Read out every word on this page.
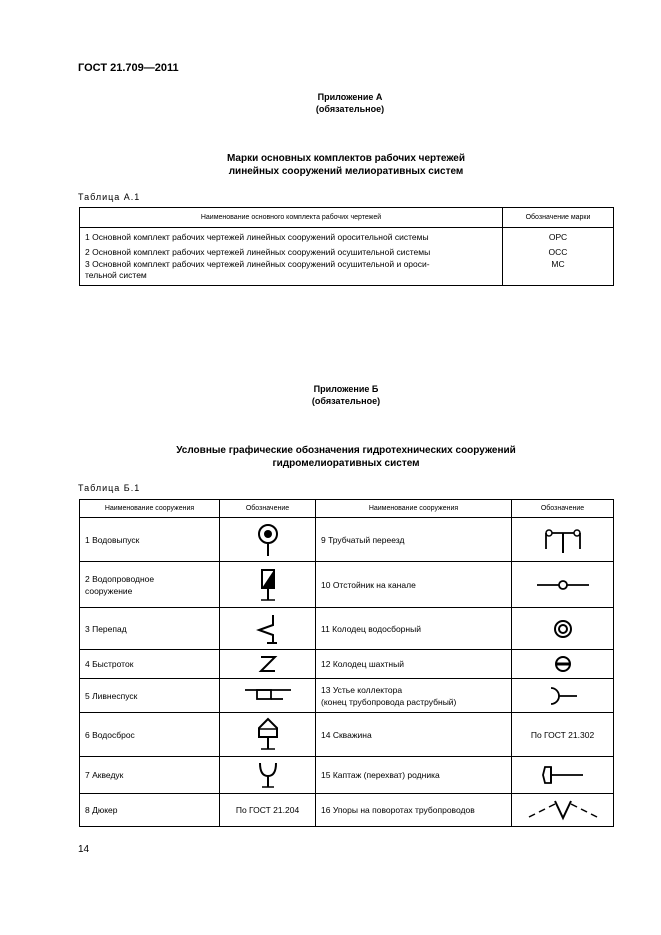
ГОСТ 21.709—2011
Приложение А
(обязательное)
Марки основных комплектов рабочих чертежей
линейных сооружений мелиоративных систем
Таблица А.1
Наименование основного комплекта рабочих чертежей	Обозначение марки
1 Основной комплект рабочих чертежей линейных сооружений оросительной системы	ОРС
2 Основной комплект рабочих чертежей линейных сооружений осушительной системы	ОСС

3 Основной комплект рабочих чертежей линейных сооружений осушительной и ороси-
тельной систем	МС
Приложение Б
(обязательное)
Условные графические обозначения гидротехнических сооружений
гидромелиоративных систем
Таблица Б.1
Наименование сооружения	Обозначение	Наименование сооружения	Обозначение
1 Водовыпуск		9 Трубчатый переезд	

2 Водопроводное
сооружение		10 Отстойник на канале	

3 Перепад		11 Колодец водосборный	

4 Быстроток		12 Колодец шахтный	

5 Ливнеспуск		13 Устье коллектора
(конец трубопровода раструбный)

6 Водосброс		14 Скважина	По ГОСТ 21.302
7 Акведук		15 Каптаж (перехват) родника	

8 Дюкер	По ГОСТ 21.204	16 Упоры на поворотах трубопроводов	
14
